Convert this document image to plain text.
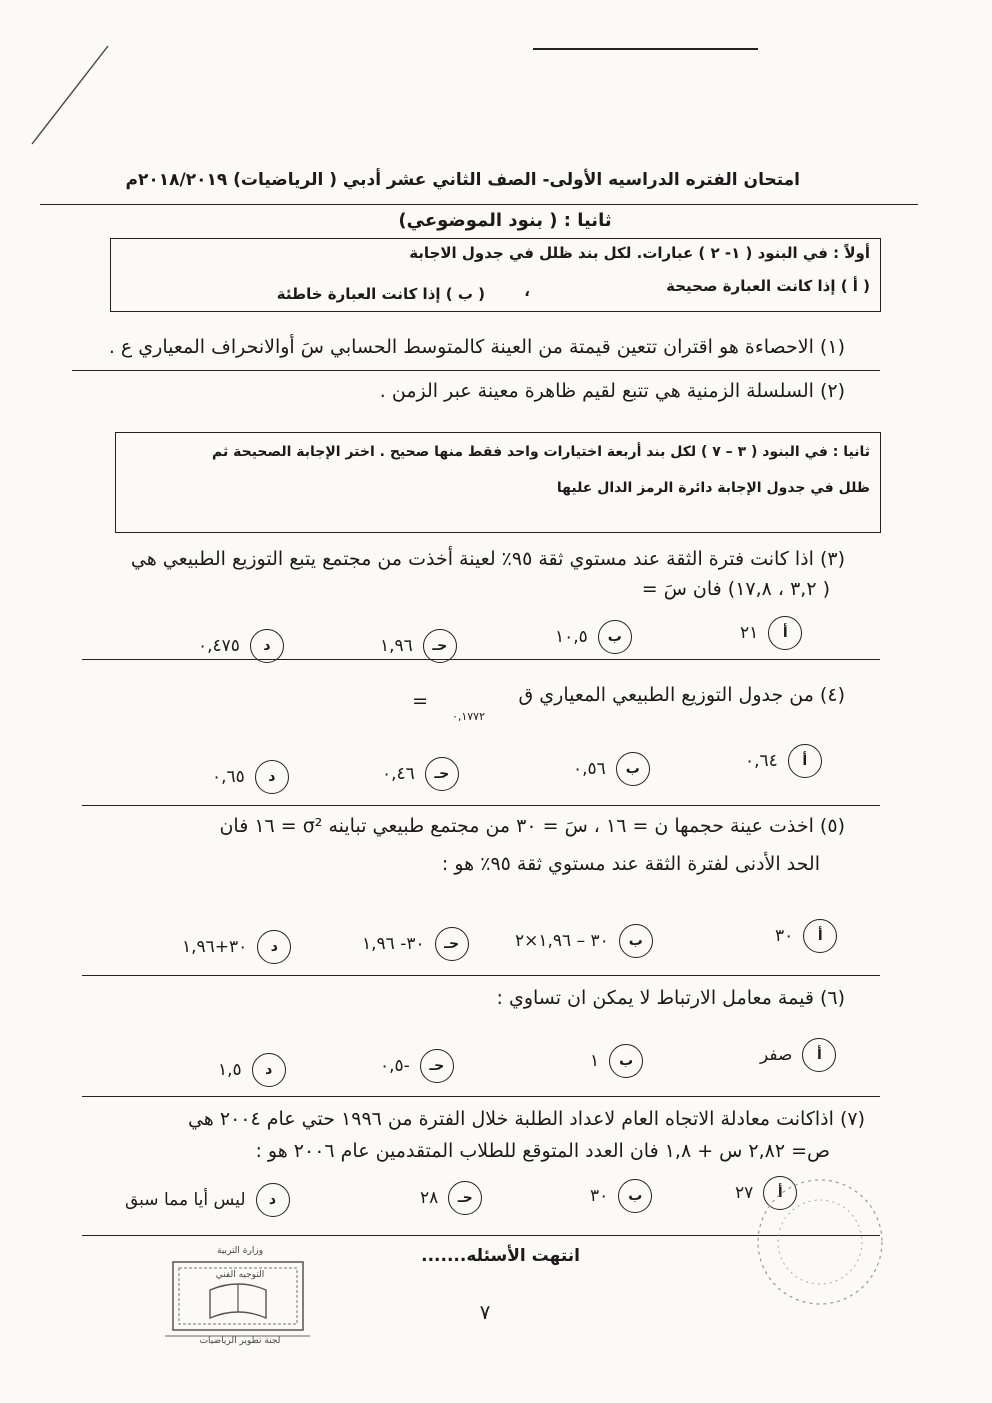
امتحان الفتره الدراسيه الأولى- الصف الثاني عشر أدبي ( الرياضيات) ٢٠١٨/٢٠١٩م
ثانيا : ( بنود الموضوعي)
أولاً : في البنود ( ١- ٢ ) عبارات. لكل بند ظلل في جدول الاجابة
( أ ) إذا كانت العبارة صحيحة
،
( ب ) إذا كانت العبارة خاطئة
(١) الاحصاءة هو اقتران تتعين قيمتة من العينة كالمتوسط الحسابي سَ أوالانحراف المعياري ع .
(٢) السلسلة الزمنية هي تتبع لقيم ظاهرة معينة عبر الزمن .
ثانيا : في البنود ( ٣ – ٧ ) لكل بند أربعة اختيارات واحد فقط منها صحيح . اختر الإجابة الصحيحة ثم
ظلل في جدول الإجابة دائرة الرمز الدال عليها
(٣) اذا كانت فترة الثقة عند مستوي ثقة ٩٥٪ لعينة أخذت من مجتمع يتبع التوزيع الطبيعي هي
( ٣,٢ ، ١٧,٨) فان سَ =
أ
٢١
ب
١٠,٥
حـ
١,٩٦
د
٠,٤٧٥
(٤) من جدول التوزيع الطبيعي المعياري ق
٠,١٧٧٢
=
أ
٠,٦٤
ب
٠,٥٦
حـ
٠,٤٦
د
٠,٦٥
(٥) اخذت عينة حجمها ن = ١٦ ، سَ = ٣٠ من مجتمع طبيعي تباينه σ² = ١٦ فان
الحد الأدنى لفترة الثقة عند مستوي ثقة ٩٥٪ هو :
أ
٣٠
ب
٣٠ – ١,٩٦×٢
حـ
٣٠- ١,٩٦
د
٣٠+١,٩٦
(٦) قيمة معامل الارتباط لا يمكن ان تساوي :
أ
صفر
ب
١
حـ
-٠,٥
د
١,٥
(٧) اذاكانت معادلة الاتجاه العام لاعداد الطلبة خلال الفترة من ١٩٩٦ حتي عام ٢٠٠٤ هي
ص= ٢,٨٢ س + ١,٨ فان العدد المتوقع للطلاب المتقدمين عام ٢٠٠٦ هو :
أ
٢٧
ب
٣٠
حـ
٢٨
د
ليس أيا مما سبق
انتهت الأسئله.......
٧
وزارة التربية
التوجيه الفني
لجنة تطوير الرياضيات
